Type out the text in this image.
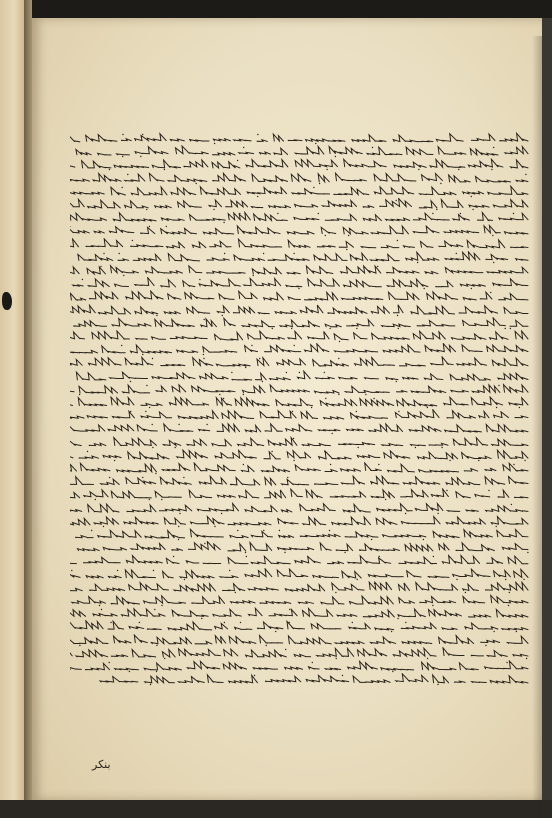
بنکر
